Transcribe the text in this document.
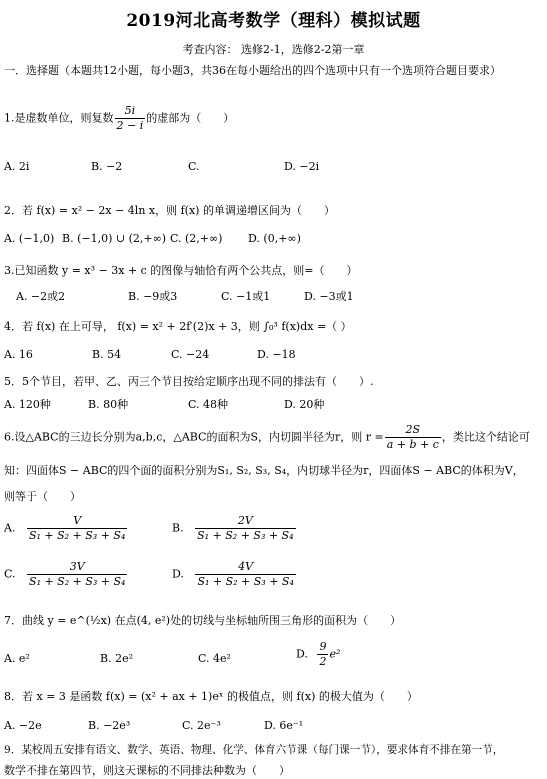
2019河北高考数学（理科）模拟试题
考查内容： 选修2-1，选修2-2第一章
一．选择题（本题共12小题，每小题3，共36在每小题给出的四个选项中只有一个选项符合题目要求）
1.是虚数单位，则复数 $\frac{5i}{2 - i}$ 的虚部为（　　）
A. 2i	B. −2	C.	D. −2i
2．若 f(x) = x² − 2x − 4ln x，则 f(x) 的单调递增区间为（　　）
A. (−1,0) B. (−1,0) ∪ (2,+∞) C. (2,+∞) D. (0,+∞)
3.已知函数 y = x³ − 3x + c 的图像与轴恰有两个公共点，则=（　　）
A. −2或2	B. −9或3	C. −1或1	D. −3或1
4．若 f(x) 在上可导， f(x) = x² + 2f′(2)x + 3，则 ∫₀³ f(x)dx =（ ）
A. 16	B. 54	C. −24	D. −18
5．5个节目，若甲、乙、丙三个节目按给定顺序出现不同的排法有（　　）.
A. 120种	B. 80种	C. 48种	D. 20种
6.设△ABC的三边长分别为a,b,c，△ABC的面积为S，内切圆半径为r，则 $r = \frac{2S}{a + b + c}$ ，类比这个结论可
知：四面体S − ABC的四个面的面积分别为S₁, S₂, S₃, S₄，内切球半径为r，四面体S − ABC的体积为V，
则等于（　　）
A. $\frac{V}{\text{S₁ + S₂ + S₃ + S₄}}$	B. $\frac{2V}{\text{S₁ + S₂ + S₃ + S₄}}$
C. $\frac{3V}{\text{S₁ + S₂ + S₃ + S₄}}$	D. $\frac{4V}{\text{S₁ + S₂ + S₃ + S₄}}$
7．曲线 y = e^(½x) 在点(4, e²)处的切线与坐标轴所围三角形的面积为（　　）
A. e²	B. 2e²	C. 4e²	D. $\frac{9}{2} e^2$
8．若 x = 3 是函数 f(x) = (x² + ax + 1)eˣ 的极值点，则 f(x) 的极大值为（　　）
A. −2e	B. −2e³	C. 2e⁻³	D. 6e⁻¹
9．某校周五安排有语文、数学、英语、物理、化学、体育六节课（每门课一节），要求体育不排在第一节，
数学不排在第四节，则这天课标的不同排法种数为（　　）
